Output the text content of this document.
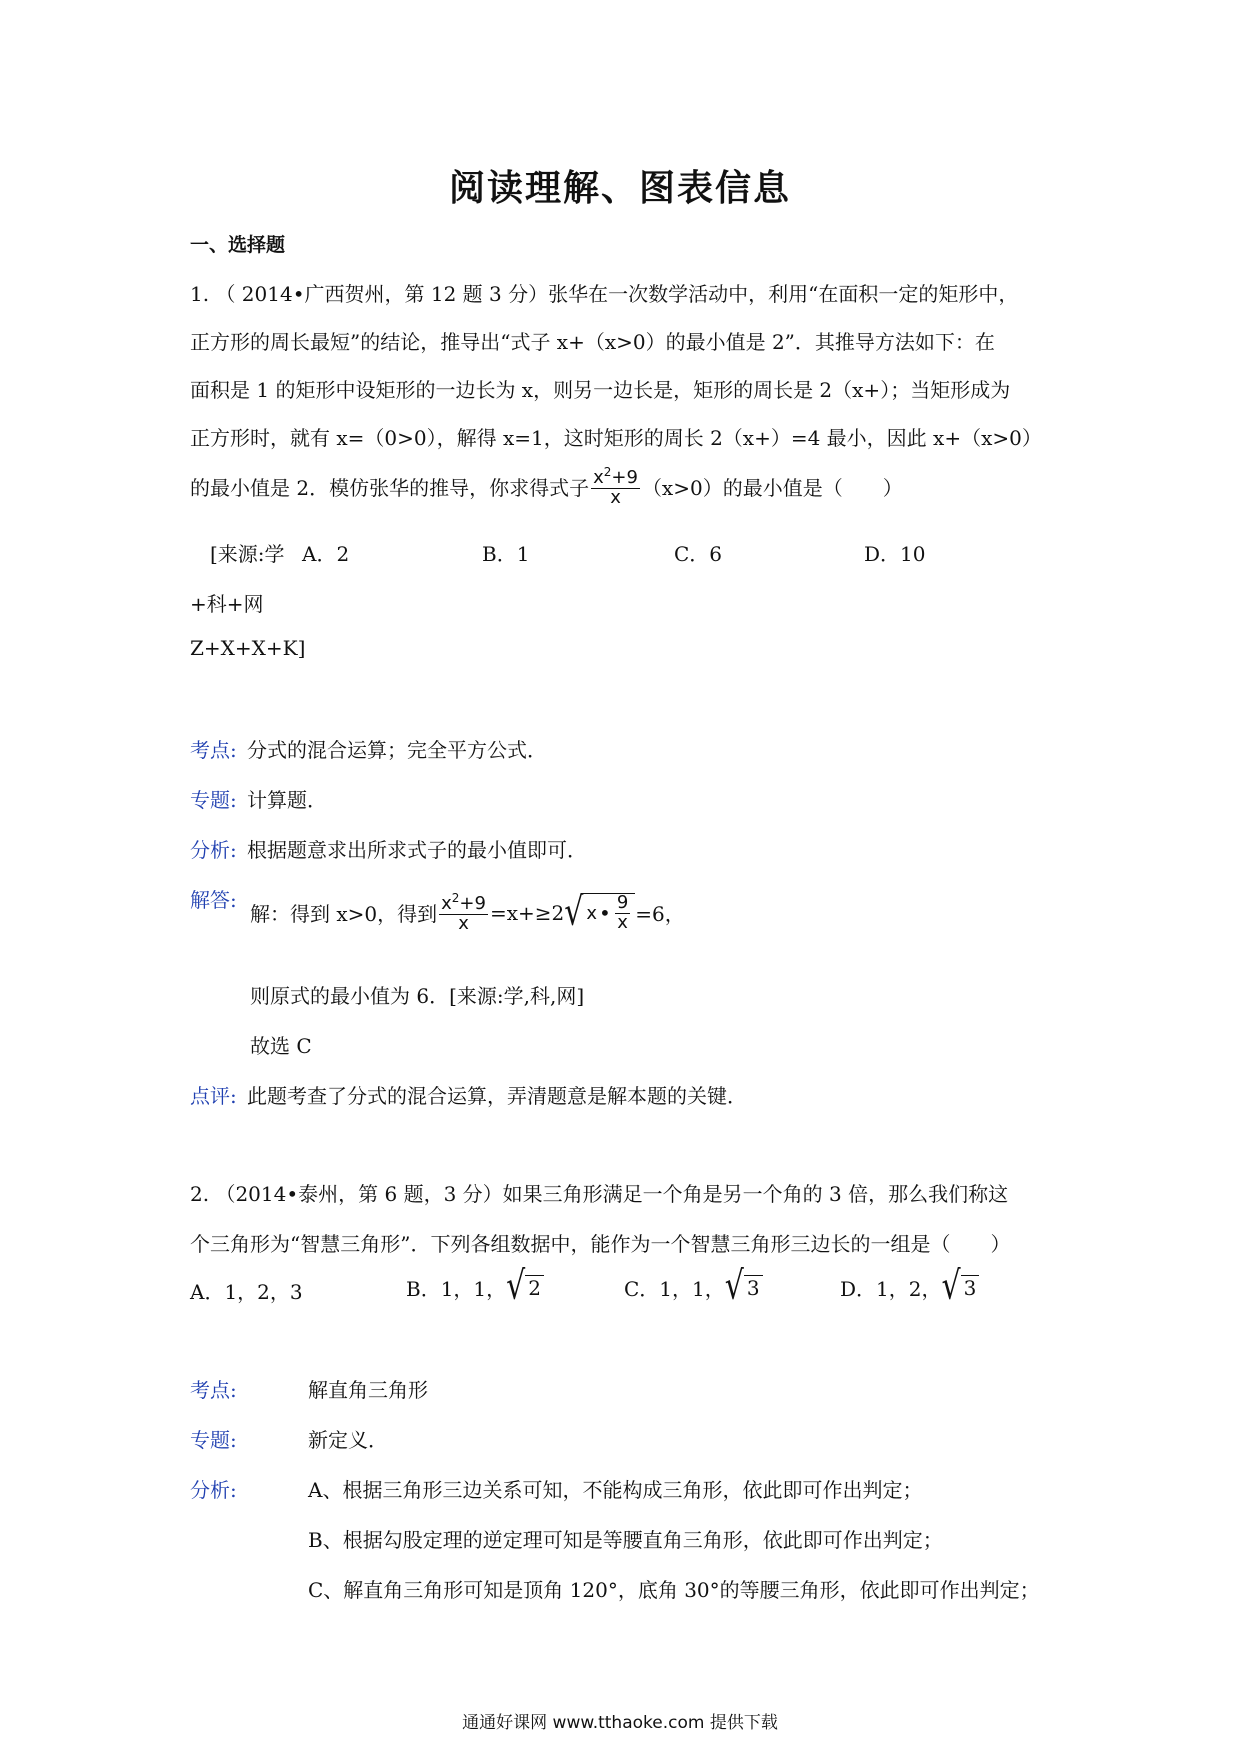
阅读理解、图表信息
一、选择题
1. （ 2014•广西贺州，第 12 题 3 分）张华在一次数学活动中，利用“在面积一定的矩形中，
正方形的周长最短”的结论，推导出“式子 x+（x>0）的最小值是 2”．其推导方法如下：在
面积是 1 的矩形中设矩形的一边长为 x，则另一边长是，矩形的周长是 2（x+）；当矩形成为
正方形时，就有 x=（0>0），解得 x=1，这时矩形的周长 2（x+）=4 最小，因此 x+（x>0）
的最小值是 2．模仿张华的推导，你求得式子 $\frac{x^2+9}{x} (x>0)$的最小值是（　　）
[来源:学 A．2	B．1	C．6	D．10
+科+网
Z+X+X+K]
考点: 分式的混合运算；完全平方公式．
专题: 计算题．
分析: 根据题意求出所求式子的最小值即可．
解答:
解：得到 x>0，得到 $\frac{x^2+9}{x} =x+\ge 2$ √ x • $\frac{9}{x} =6$，
则原式的最小值为 6．[来源:学,科,网]
故选 C
点评: 此题考查了分式的混合运算，弄清题意是解本题的关键．
2. （2014•泰州，第 6 题，3 分）如果三角形满足一个角是另一个角的 3 倍，那么我们称这
个三角形为“智慧三角形”．下列各组数据中，能作为一个智慧三角形三边长的一组是（　　）
A．1，2，3	B．1，1， √ 2	C．1，1， √ 3	D．1，2， √ 3
考点:	解直角三角形
专题:	新定义．
分析:	A、根据三角形三边关系可知，不能构成三角形，依此即可作出判定；
B、根据勾股定理的逆定理可知是等腰直角三角形，依此即可作出判定；
C、解直角三角形可知是顶角 120°，底角 30°的等腰三角形，依此即可作出判定；
通通好课网 www.tthaoke.com 提供下载
